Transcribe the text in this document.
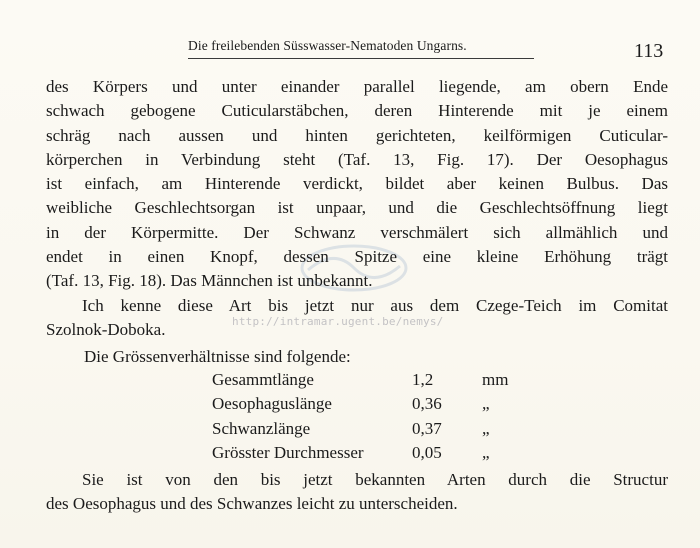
Die freilebenden Süsswasser-Nematoden Ungarns.	113
des Körpers und unter einander parallel liegende, am obern Ende
schwach gebogene Cuticularstäbchen, deren Hinterende mit je einem
schräg nach aussen und hinten gerichteten, keilförmigen Cuticular-
körperchen in Verbindung steht (Taf. 13, Fig. 17). Der Oesophagus
ist einfach, am Hinterende verdickt, bildet aber keinen Bulbus. Das
weibliche Geschlechtsorgan ist unpaar, und die Geschlechtsöffnung liegt
in der Körpermitte. Der Schwanz verschmälert sich allmählich und
endet in einen Knopf, dessen Spitze eine kleine Erhöhung trägt
(Taf. 13, Fig. 18). Das Männchen ist unbekannt.
Ich kenne diese Art bis jetzt nur aus dem Czege-Teich im Comitat
Szolnok-Doboka.	http://intramar.ugent.be/nemys/
Die Grössenverhältnisse sind folgende:
Gesammtlänge	1,2	mm
Oesophaguslänge	0,36	„
Schwanzlänge	0,37	„
Grösster Durchmesser	0,05	„
Sie ist von den bis jetzt bekannten Arten durch die Structur
des Oesophagus und des Schwanzes leicht zu unterscheiden.
